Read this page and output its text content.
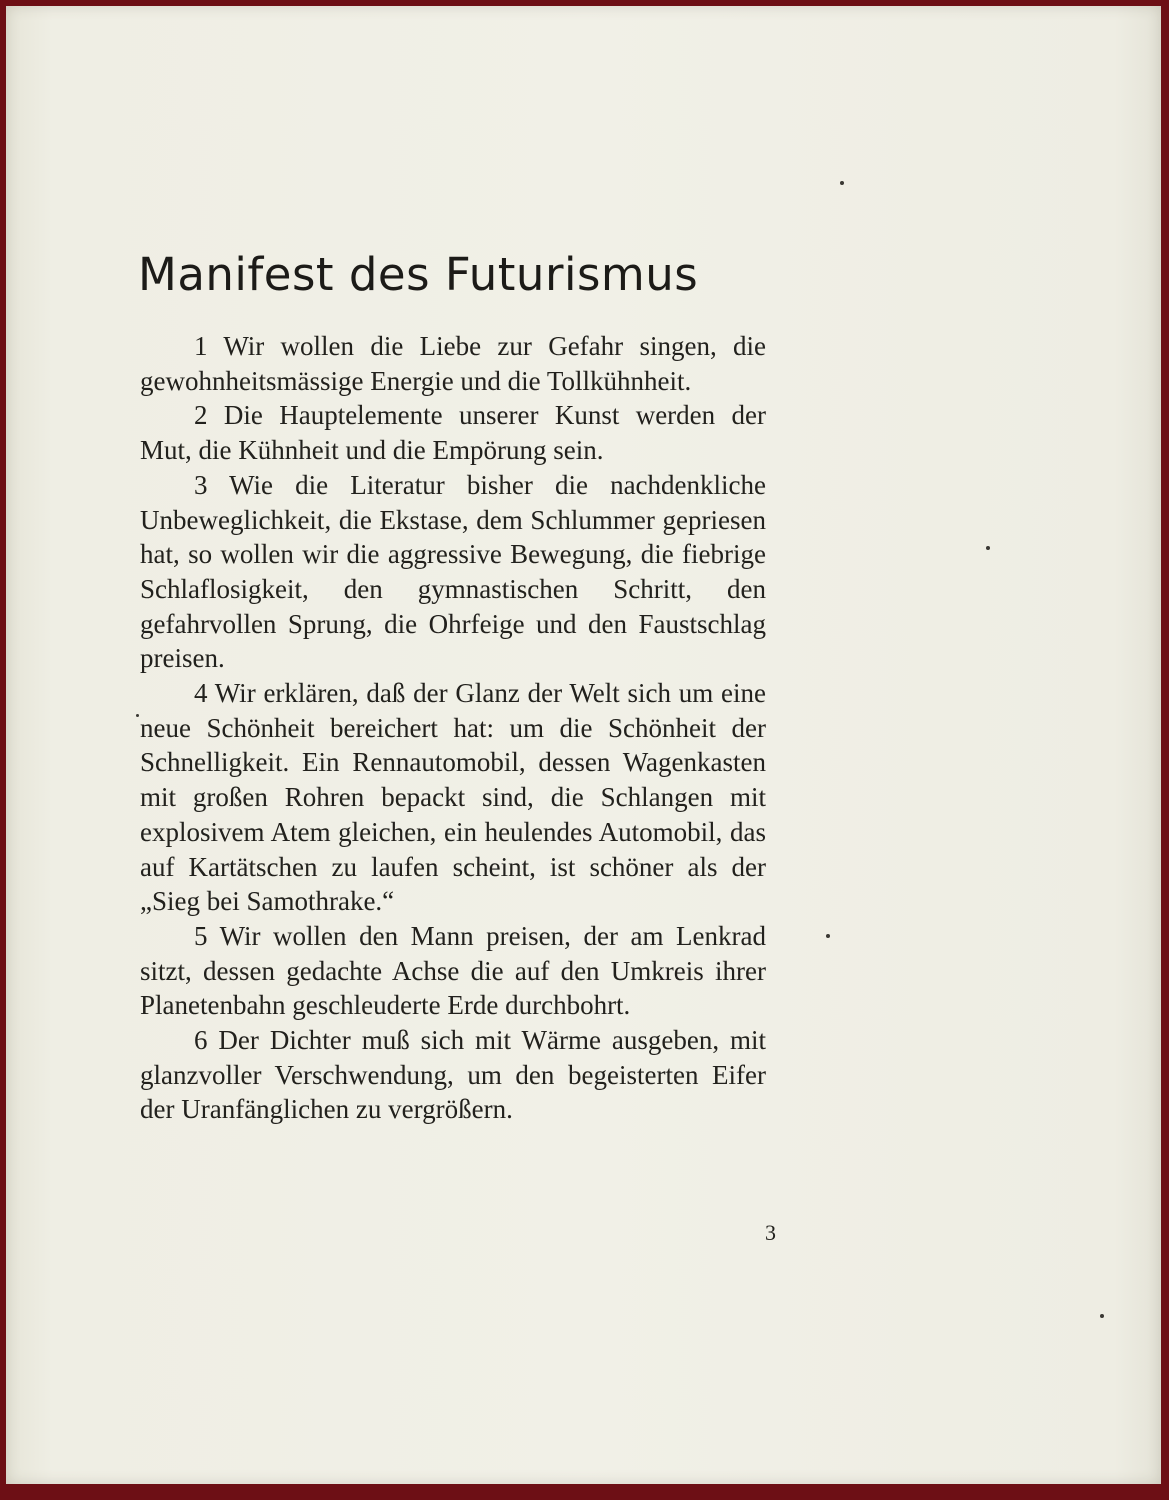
Manifest des Futurismus

1 Wir wollen die Liebe zur Gefahr singen, die gewohnheitsmässige Energie und die Tollkühnheit.

2 Die Hauptelemente unserer Kunst werden der Mut, die Kühnheit und die Empörung sein.

3 Wie die Literatur bisher die nachdenkliche Unbeweglichkeit, die Ekstase, dem Schlummer gepriesen hat, so wollen wir die aggressive Bewegung, die fiebrige Schlaflosigkeit, den gymnastischen Schritt, den gefahrvollen Sprung, die Ohrfeige und den Faustschlag preisen.

4 Wir erklären, daß der Glanz der Welt sich um eine neue Schönheit bereichert hat: um die Schönheit der Schnelligkeit. Ein Rennautomobil, dessen Wagenkasten mit großen Rohren bepackt sind, die Schlangen mit explosivem Atem gleichen, ein heulendes Automobil, das auf Kartätschen zu laufen scheint, ist schöner als der „Sieg bei Samothrake.“

5 Wir wollen den Mann preisen, der am Lenkrad sitzt, dessen gedachte Achse die auf den Umkreis ihrer Planetenbahn geschleuderte Erde durchbohrt.

6 Der Dichter muß sich mit Wärme ausgeben, mit glanzvoller Verschwendung, um den begeisterten Eifer der Uranfänglichen zu vergrößern.

3
